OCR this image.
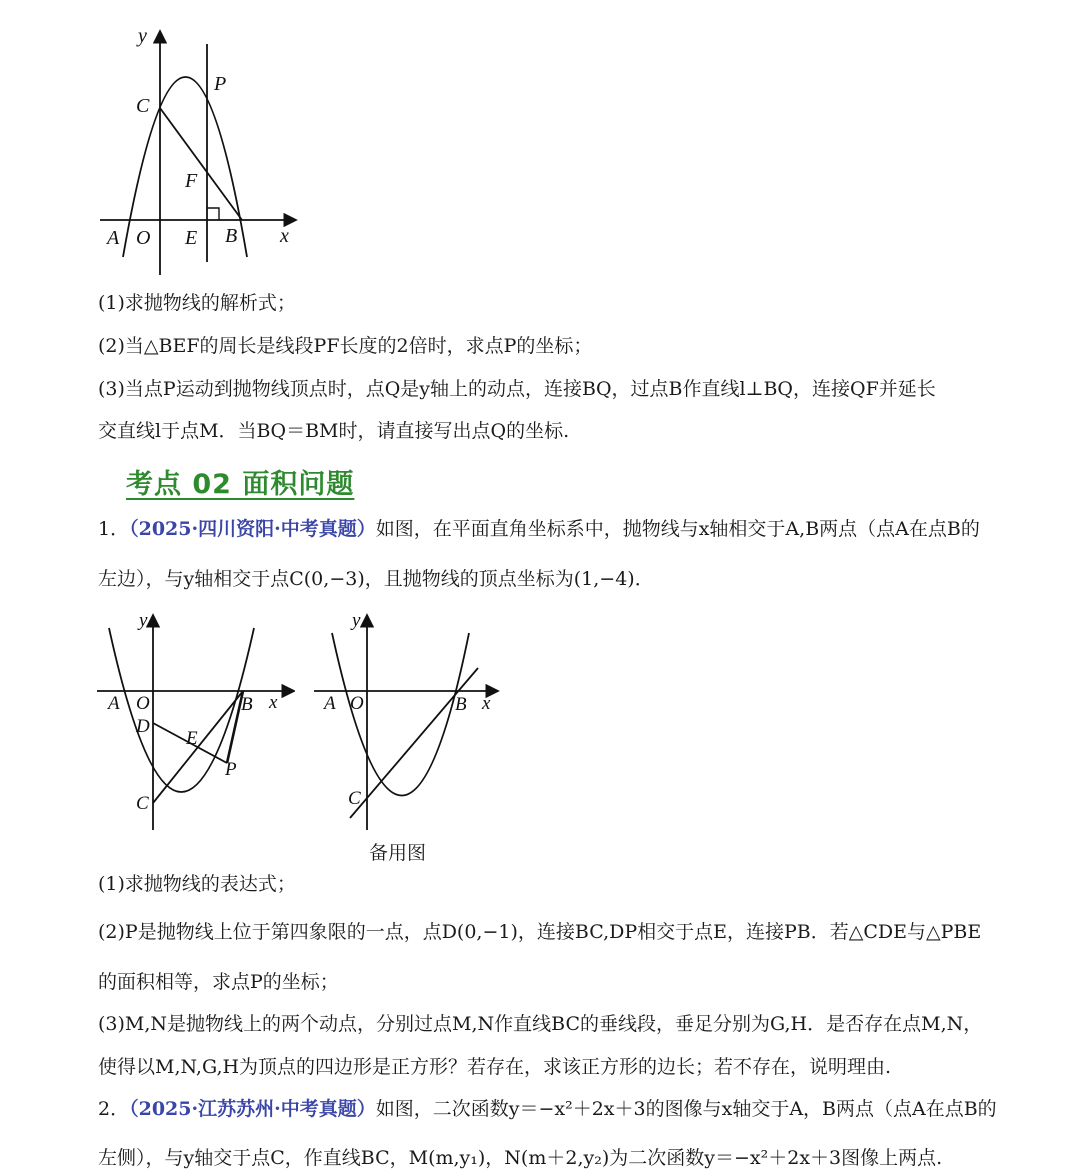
y
x
C
P
F
A O E B
(1)求抛物线的解析式；
(2)当△BEF的周长是线段PF长度的2倍时，求点P的坐标；
(3)当点P运动到抛物线顶点时，点Q是y轴上的动点，连接BQ，过点B作直线l⊥BQ，连接QF并延长
交直线l于点M．当BQ＝BM时，请直接写出点Q的坐标.
考点 02 面积问题
1．（2025·四川资阳·中考真题）如图，在平面直角坐标系中，抛物线与x轴相交于A,B两点（点A在点B的
左边），与y轴相交于点C(0,−3)，且抛物线的顶点坐标为(1,−4)．
y
x
A O	B
D
E
P
C
y
x
A O	B
C
备用图
(1)求抛物线的表达式；
(2)P是抛物线上位于第四象限的一点，点D(0,−1)，连接BC,DP相交于点E，连接PB．若△CDE与△PBE
的面积相等，求点P的坐标；
(3)M,N是抛物线上的两个动点，分别过点M,N作直线BC的垂线段，垂足分别为G,H．是否存在点M,N，
使得以M,N,G,H为顶点的四边形是正方形？若存在，求该正方形的边长；若不存在，说明理由.
2．（2025·江苏苏州·中考真题）如图，二次函数y＝−x²＋2x＋3的图像与x轴交于A，B两点（点A在点B的
左侧），与y轴交于点C，作直线BC，M(m,y₁)，N(m＋2,y₂)为二次函数y＝−x²＋2x＋3图像上两点.
